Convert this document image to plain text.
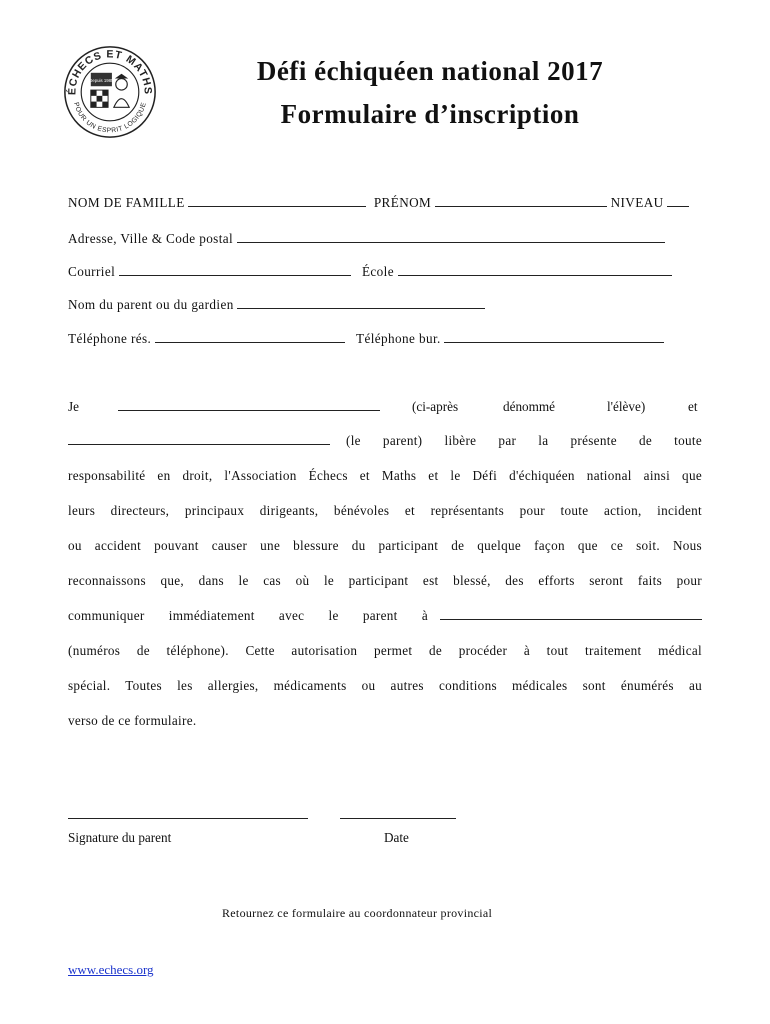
ÉCHECS ET MATHS
POUR UN ESPRIT LOGIQUE
Depuis 1985	Défi échiquéen national 2017
Formulaire d’inscription
NOM DE FAMILLE	PRÉNOM	NIVEAU
Adresse, Ville & Code postal
Courriel	École
Nom du parent ou du gardien
Téléphone rés.	Téléphone bur.
Je	(ci-après	dénommé	l'élève)	et
(le parent) libère par la présente de toute
responsabilité en droit, l'Association Échecs et Maths et le Défi d'échiquéen national ainsi que
leurs directeurs, principaux dirigeants, bénévoles et représentants pour toute action, incident
ou accident pouvant causer une blessure du participant de quelque façon que ce soit. Nous
reconnaissons que, dans le cas où le participant est blessé, des efforts seront faits pour
communiquer immédiatement avec le parent à
(numéros de téléphone). Cette autorisation permet de procéder à tout traitement médical
spécial. Toutes les allergies, médicaments ou autres conditions médicales sont énumérés au
verso de ce formulaire.
Signature du parent	Date
Retournez ce formulaire au coordonnateur provincial
www.echecs.org
